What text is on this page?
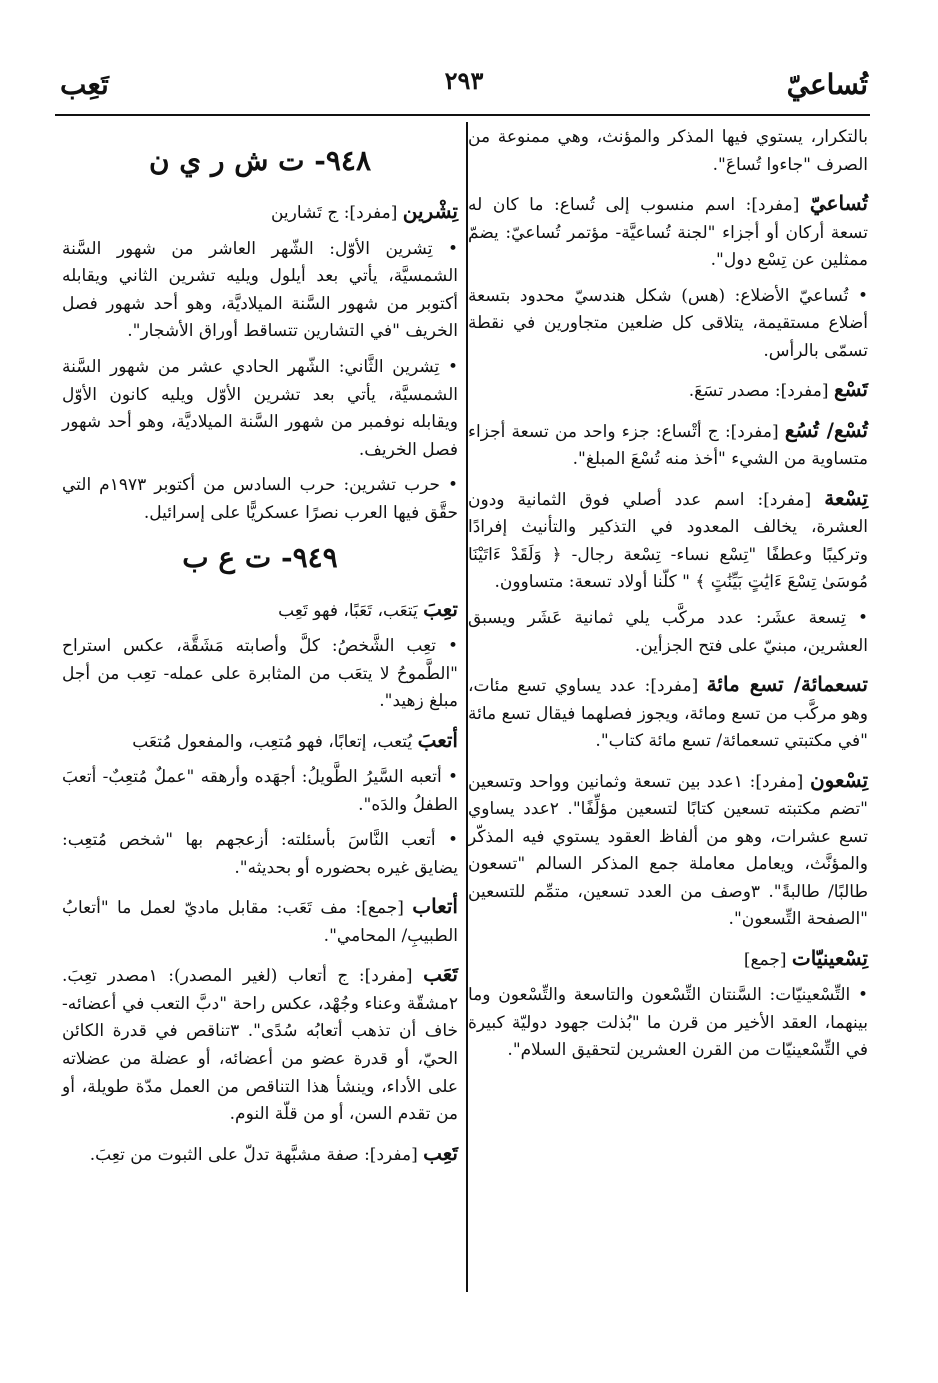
تُساعيّ
٢٩٣
تَعِب
بالتكرار، يستوي فيها المذكر والمؤنث، وهي ممنوعة من الصرف "جاءوا تُساعَ".
تُساعيّ [مفرد]: اسم منسوب إلى تُساع: ما كان له تسعة أركان أو أجزاء "لجنة تُساعيَّة- مؤتمر تُساعيّ: يضمّ ممثلين عن تِسْع دول".
• تُساعيّ الأضلاع: (هس) شكل هندسيّ محدود بتسعة أضلاع مستقيمة، يتلاقى كل ضلعين متجاورين في نقطة تسمّى بالرأس.
تَسْع [مفرد]: مصدر تسَعَ.
تُسْع/ تُسُع [مفرد]: ج أتْساع: جزء واحد من تسعة أجزاء متساوية من الشيء "أخذ منه تُسْعَ المبلغ".
تِسْعة [مفرد]: اسم عدد أصلي فوق الثمانية ودون العشرة، يخالف المعدود في التذكير والتأنيث إفرادًا وتركيبًا وعطفًا "تِسْع نساء- تِسْعة رجال- ﴿ وَلَقَدْ ءَاتَيْنَا مُوسَىٰ تِسْعَ ءَايَٰتٍ بَيِّنَٰتٍ ﴾ " كلّنا أولاد تسعة: متساوون.
• تِسعة عشَر: عدد مركَّب يلي ثمانية عَشَر ويسبق العشرين، مبنيّ على فتح الجزأين.
تسعمائة/ تسع مائة [مفرد]: عدد يساوي تسع مئات، وهو مركَّب من تسع ومائة، ويجوز فصلهما فيقال تسع مائة "في مكتبتي تسعمائة/ تسع مائة كتاب".
تِسْعون [مفرد]: ١عدد بين تسعة وثمانين وواحد وتسعين "تضم مكتبته تسعين كتابًا لتسعين مؤلِّفًا". ٢عدد يساوي تسع عشرات، وهو من ألفاظ العقود يستوي فيه المذكّر والمؤنَّث، ويعامل معاملة جمع المذكر السالم "تسعون طالبًا/ طالبةً". ٣وصف من العدد تسعين، متمِّم للتسعين "الصفحة التِّسعون".
تِسْعينيّات [جمع]
• التِّسْعينيّات: السَّنتان التِّسْعون والتاسعة والتِّسْعون وما بينهما، العقد الأخير من قرن ما "بُذلت جهود دوليّة كبيرة في التِّسْعينيّات من القرن العشرين لتحقيق السلام".
٩٤٨- ت ش ر ي ن
تِشْرين [مفرد]: ج تَشارين
• تِشرين الأوّل: الشّهر العاشر من شهور السَّنة الشمسيَّة، يأتي بعد أيلول ويليه تشرين الثاني ويقابله أكتوبر من شهور السَّنة الميلاديَّة، وهو أحد شهور فصل الخريف "في التشارين تتساقط أوراق الأشجار".
• تِشرين الثَّاني: الشّهر الحادي عشر من شهور السَّنة الشمسيَّة، يأتي بعد تشرين الأوّل ويليه كانون الأوّل ويقابله نوفمبر من شهور السَّنة الميلاديَّة، وهو أحد شهور فصل الخريف.
• حرب تشرين: حرب السادس من أكتوبر ١٩٧٣م التي حقَّق فيها العرب نصرًا عسكريًّا على إسرائيل.
٩٤٩- ت ع ب
تعِبَ يَتعَب، تَعَبًا، فهو تَعِب
• تعِب الشَّخصُ: كلَّ وأصابته مَشَقَّة، عكس استراح "الطَّموحُ لا يتعَب من المثابرة على عمله- تعِب من أجل مبلغ زهيد".
أتعبَ يُتعب، إتعابًا، فهو مُتعِب، والمفعول مُتعَب
• أتعبه السَّيرُ الطَّويلُ: أجهَده وأرهقه "عملٌ مُتعِبٌ- أتعبَ الطفلُ والدَه".
• أتعب النَّاسَ بأسئلته: أزعجهم بها "شخص مُتعِب: يضايق غيره بحضوره أو بحديثه".
أتعاب [جمع]: مف تَعَب: مقابل ماديّ لعمل ما "أتعابُ الطبيبِ/ المحامي".
تَعَب [مفرد]: ج أتعاب (لغير المصدر): ١مصدر تعِبَ. ٢مشقّة وعناء وجُهْد، عكس راحة "دبَّ التعب في أعضائه- خاف أن تذهب أتعابُه سُدًى". ٣تناقص في قدرة الكائن الحيّ، أو قدرة عضو من أعضائه، أو عضلة من عضلاته على الأداء، وينشأ هذا التناقص من العمل مدّة طويلة، أو من تقدم السن، أو من قلّة النوم.
تَعِب [مفرد]: صفة مشبَّهة تدلّ على الثبوت من تعِبَ.
